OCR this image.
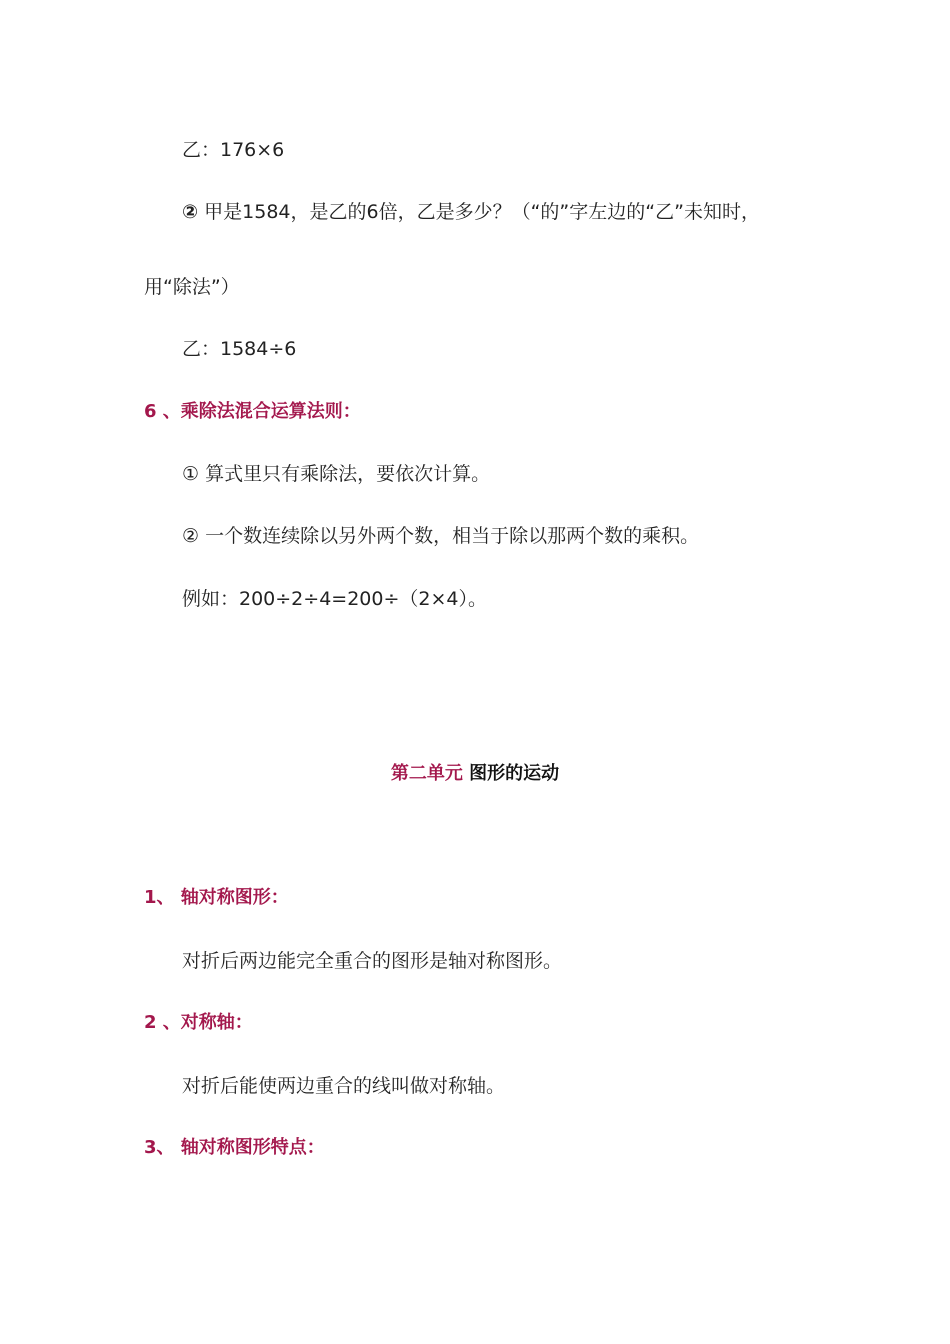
乙：176×6
② 甲是1584，是乙的6倍，乙是多少？（“的”字左边的“乙”未知时，
用“除法”）
乙：1584÷6
6 、乘除法混合运算法则：
① 算式里只有乘除法，要依次计算。
② 一个数连续除以另外两个数，相当于除以那两个数的乘积。
例如：200÷2÷4=200÷（2×4）。
第二单元 图形的运动
1、 轴对称图形：
对折后两边能完全重合的图形是轴对称图形。
2 、对称轴：
对折后能使两边重合的线叫做对称轴。
3、 轴对称图形特点：
